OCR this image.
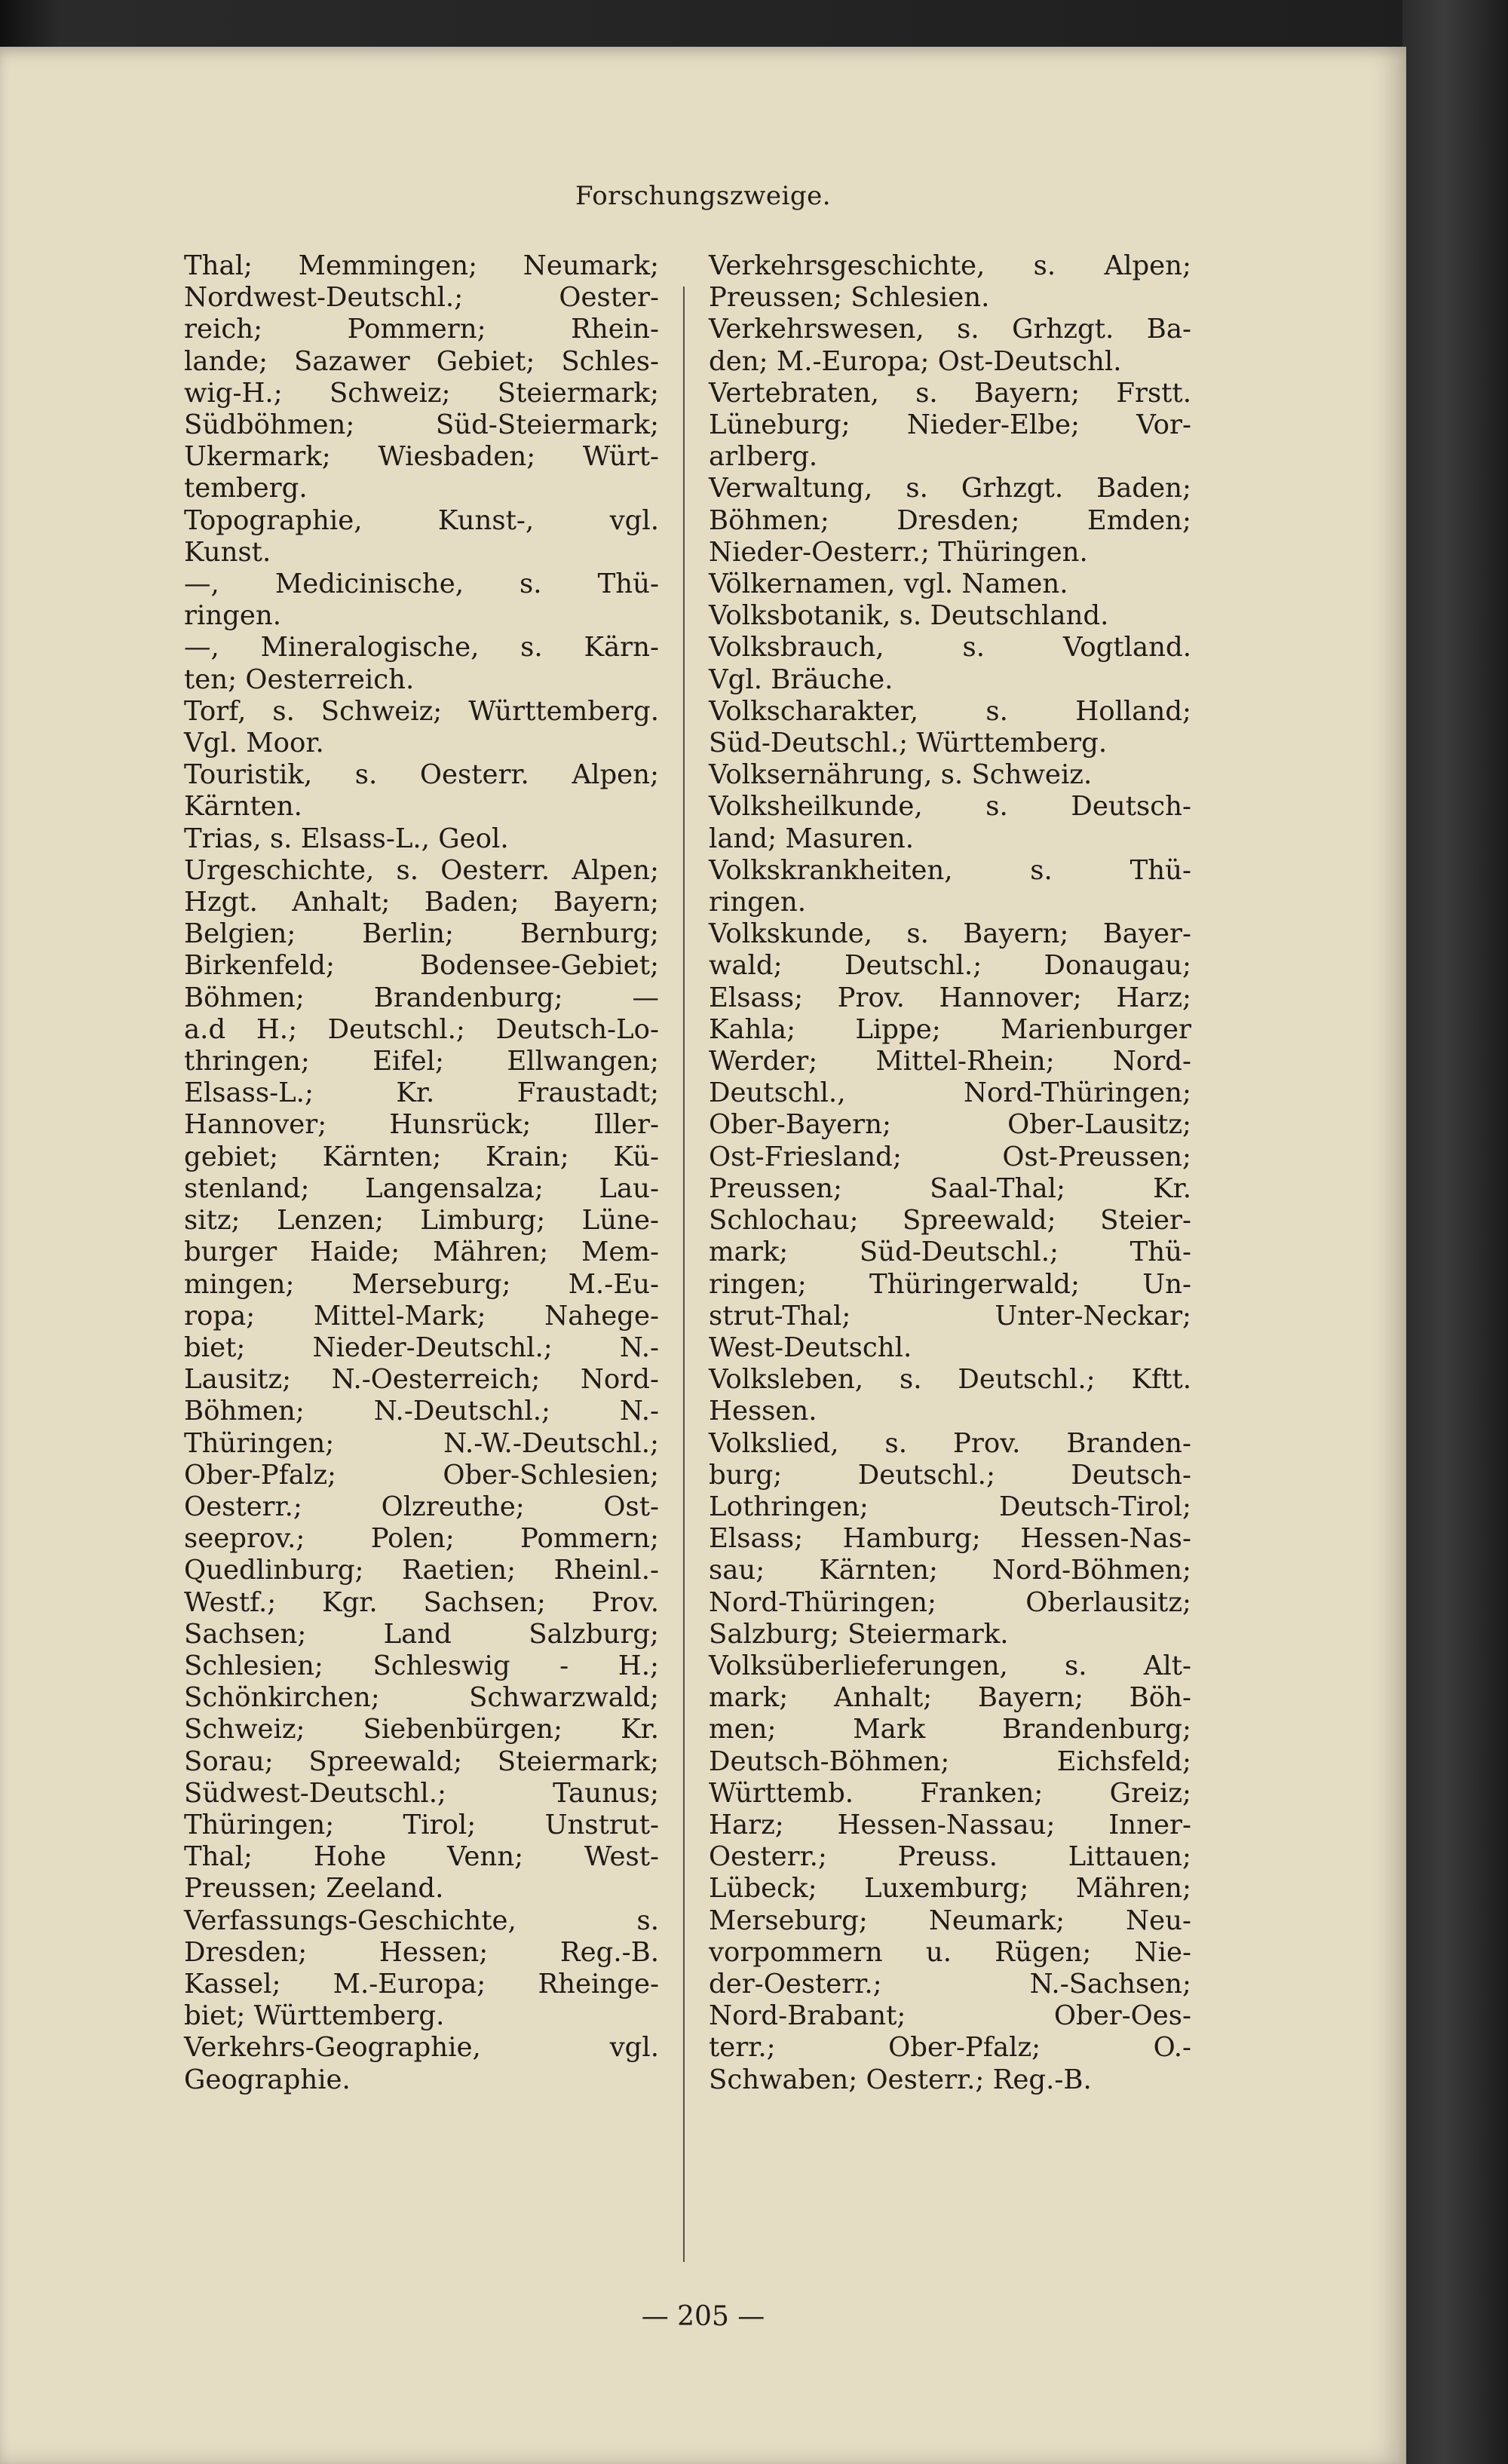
Forschungszweige.
Thal; Memmingen; Neumark;
Nordwest-Deutschl.; Oester-
reich; Pommern; Rhein-
lande; Sazawer Gebiet; Schles-
wig-H.; Schweiz; Steiermark;
Südböhmen; Süd-Steiermark;
Ukermark; Wiesbaden; Würt-
temberg.
Topographie, Kunst-, vgl.
Kunst.
—, Medicinische, s. Thü-
ringen.
—, Mineralogische, s. Kärn-
ten; Oesterreich.
Torf, s. Schweiz; Württemberg.
Vgl. Moor.
Touristik, s. Oesterr. Alpen;
Kärnten.
Trias, s. Elsass-L., Geol.
Urgeschichte, s. Oesterr. Alpen;
Hzgt. Anhalt; Baden; Bayern;
Belgien; Berlin; Bernburg;
Birkenfeld; Bodensee-Gebiet;
Böhmen; Brandenburg; —
a.d H.; Deutschl.; Deutsch-Lo-
thringen; Eifel; Ellwangen;
Elsass-L.; Kr. Fraustadt;
Hannover; Hunsrück; Iller-
gebiet; Kärnten; Krain; Kü-
stenland; Langensalza; Lau-
sitz; Lenzen; Limburg; Lüne-
burger Haide; Mähren; Mem-
mingen; Merseburg; M.-Eu-
ropa; Mittel-Mark; Nahege-
biet; Nieder-Deutschl.; N.-
Lausitz; N.-Oesterreich; Nord-
Böhmen; N.-Deutschl.; N.-
Thüringen; N.-W.-Deutschl.;
Ober-Pfalz; Ober-Schlesien;
Oesterr.; Olzreuthe; Ost-
seeprov.; Polen; Pommern;
Quedlinburg; Raetien; Rheinl.-
Westf.; Kgr. Sachsen; Prov.
Sachsen; Land Salzburg;
Schlesien; Schleswig - H.;
Schönkirchen; Schwarzwald;
Schweiz; Siebenbürgen; Kr.
Sorau; Spreewald; Steiermark;
Südwest-Deutschl.; Taunus;
Thüringen; Tirol; Unstrut-
Thal; Hohe Venn; West-
Preussen; Zeeland.
Verfassungs-Geschichte, s.
Dresden; Hessen; Reg.-B.
Kassel; M.-Europa; Rheinge-
biet; Württemberg.
Verkehrs-Geographie, vgl.
Geographie.
Verkehrsgeschichte, s. Alpen;
Preussen; Schlesien.
Verkehrswesen, s. Grhzgt. Ba-
den; M.-Europa; Ost-Deutschl.
Vertebraten, s. Bayern; Frstt.
Lüneburg; Nieder-Elbe; Vor-
arlberg.
Verwaltung, s. Grhzgt. Baden;
Böhmen; Dresden; Emden;
Nieder-Oesterr.; Thüringen.
Völkernamen, vgl. Namen.
Volksbotanik, s. Deutschland.
Volksbrauch, s. Vogtland.
Vgl. Bräuche.
Volkscharakter, s. Holland;
Süd-Deutschl.; Württemberg.
Volksernährung, s. Schweiz.
Volksheilkunde, s. Deutsch-
land; Masuren.
Volkskrankheiten, s. Thü-
ringen.
Volkskunde, s. Bayern; Bayer-
wald; Deutschl.; Donaugau;
Elsass; Prov. Hannover; Harz;
Kahla; Lippe; Marienburger
Werder; Mittel-Rhein; Nord-
Deutschl., Nord-Thüringen;
Ober-Bayern; Ober-Lausitz;
Ost-Friesland; Ost-Preussen;
Preussen; Saal-Thal; Kr.
Schlochau; Spreewald; Steier-
mark; Süd-Deutschl.; Thü-
ringen; Thüringerwald; Un-
strut-Thal; Unter-Neckar;
West-Deutschl.
Volksleben, s. Deutschl.; Kftt.
Hessen.
Volkslied, s. Prov. Branden-
burg; Deutschl.; Deutsch-
Lothringen; Deutsch-Tirol;
Elsass; Hamburg; Hessen-Nas-
sau; Kärnten; Nord-Böhmen;
Nord-Thüringen; Oberlausitz;
Salzburg; Steiermark.
Volksüberlieferungen, s. Alt-
mark; Anhalt; Bayern; Böh-
men; Mark Brandenburg;
Deutsch-Böhmen; Eichsfeld;
Württemb. Franken; Greiz;
Harz; Hessen-Nassau; Inner-
Oesterr.; Preuss. Littauen;
Lübeck; Luxemburg; Mähren;
Merseburg; Neumark; Neu-
vorpommern u. Rügen; Nie-
der-Oesterr.; N.-Sachsen;
Nord-Brabant; Ober-Oes-
terr.; Ober-Pfalz; O.-
Schwaben; Oesterr.; Reg.-B.
— 205 —
